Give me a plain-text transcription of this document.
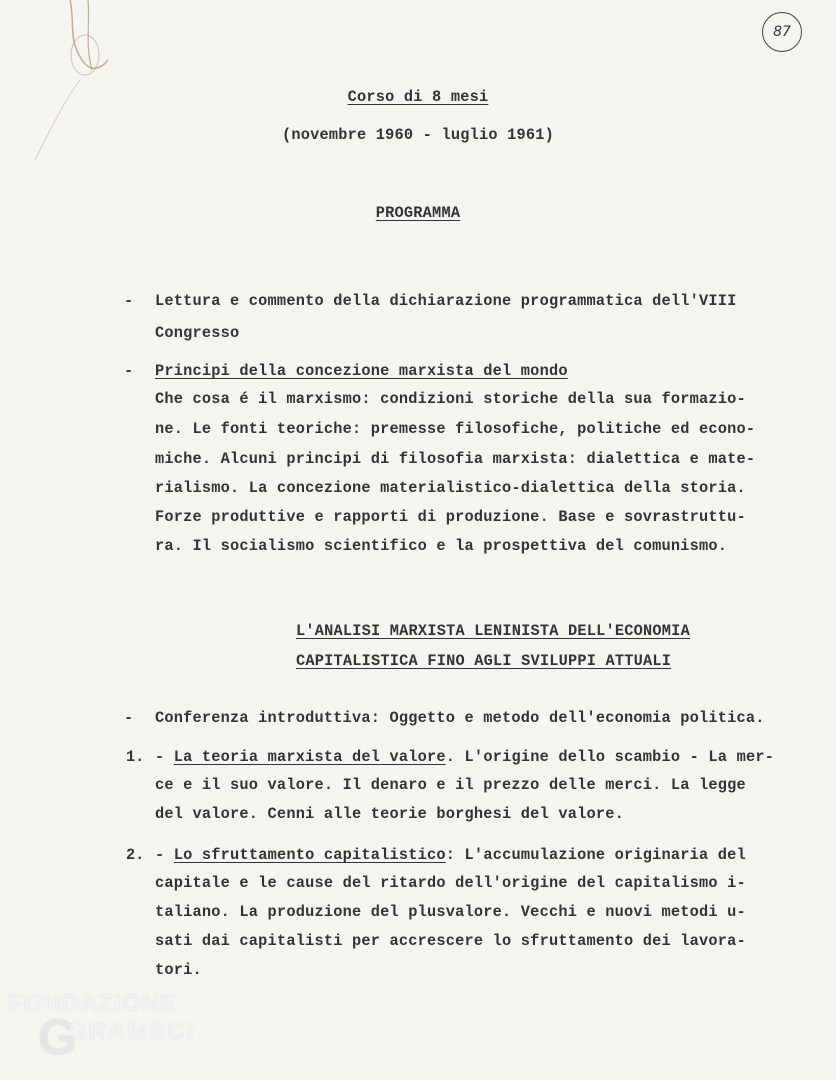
87
Corso di 8 mesi
(novembre 1960 - luglio 1961)
PROGRAMMA
- Lettura e commento della dichiarazione programmatica dell'VIII
Congresso
- Principi della concezione marxista del mondo
Che cosa é il marxismo: condizioni storiche della sua formazio-
ne. Le fonti teoriche: premesse filosofiche, politiche ed econo-
miche. Alcuni principi di filosofia marxista: dialettica e mate-
rialismo. La concezione materialistico-dialettica della storia.
Forze produttive e rapporti di produzione. Base e sovrastruttu-
ra. Il socialismo scientifico e la prospettiva del comunismo.
L'ANALISI MARXISTA LENINISTA DELL'ECONOMIA
CAPITALISTICA FINO AGLI SVILUPPI ATTUALI
- Conferenza introduttiva: Oggetto e metodo dell'economia politica.
1. - La teoria marxista del valore. L'origine dello scambio - La mer-
ce e il suo valore. Il denaro e il prezzo delle merci. La legge
del valore. Cenni alle teorie borghesi del valore.
2. - Lo sfruttamento capitalistico: L'accumulazione originaria del
capitale e le cause del ritardo dell'origine del capitalismo i-
taliano. La produzione del plusvalore. Vecchi e nuovi metodi u-
sati dai capitalisti per accrescere lo sfruttamento dei lavora-
tori.
G
FONDAZIONE
GRAMSCI
